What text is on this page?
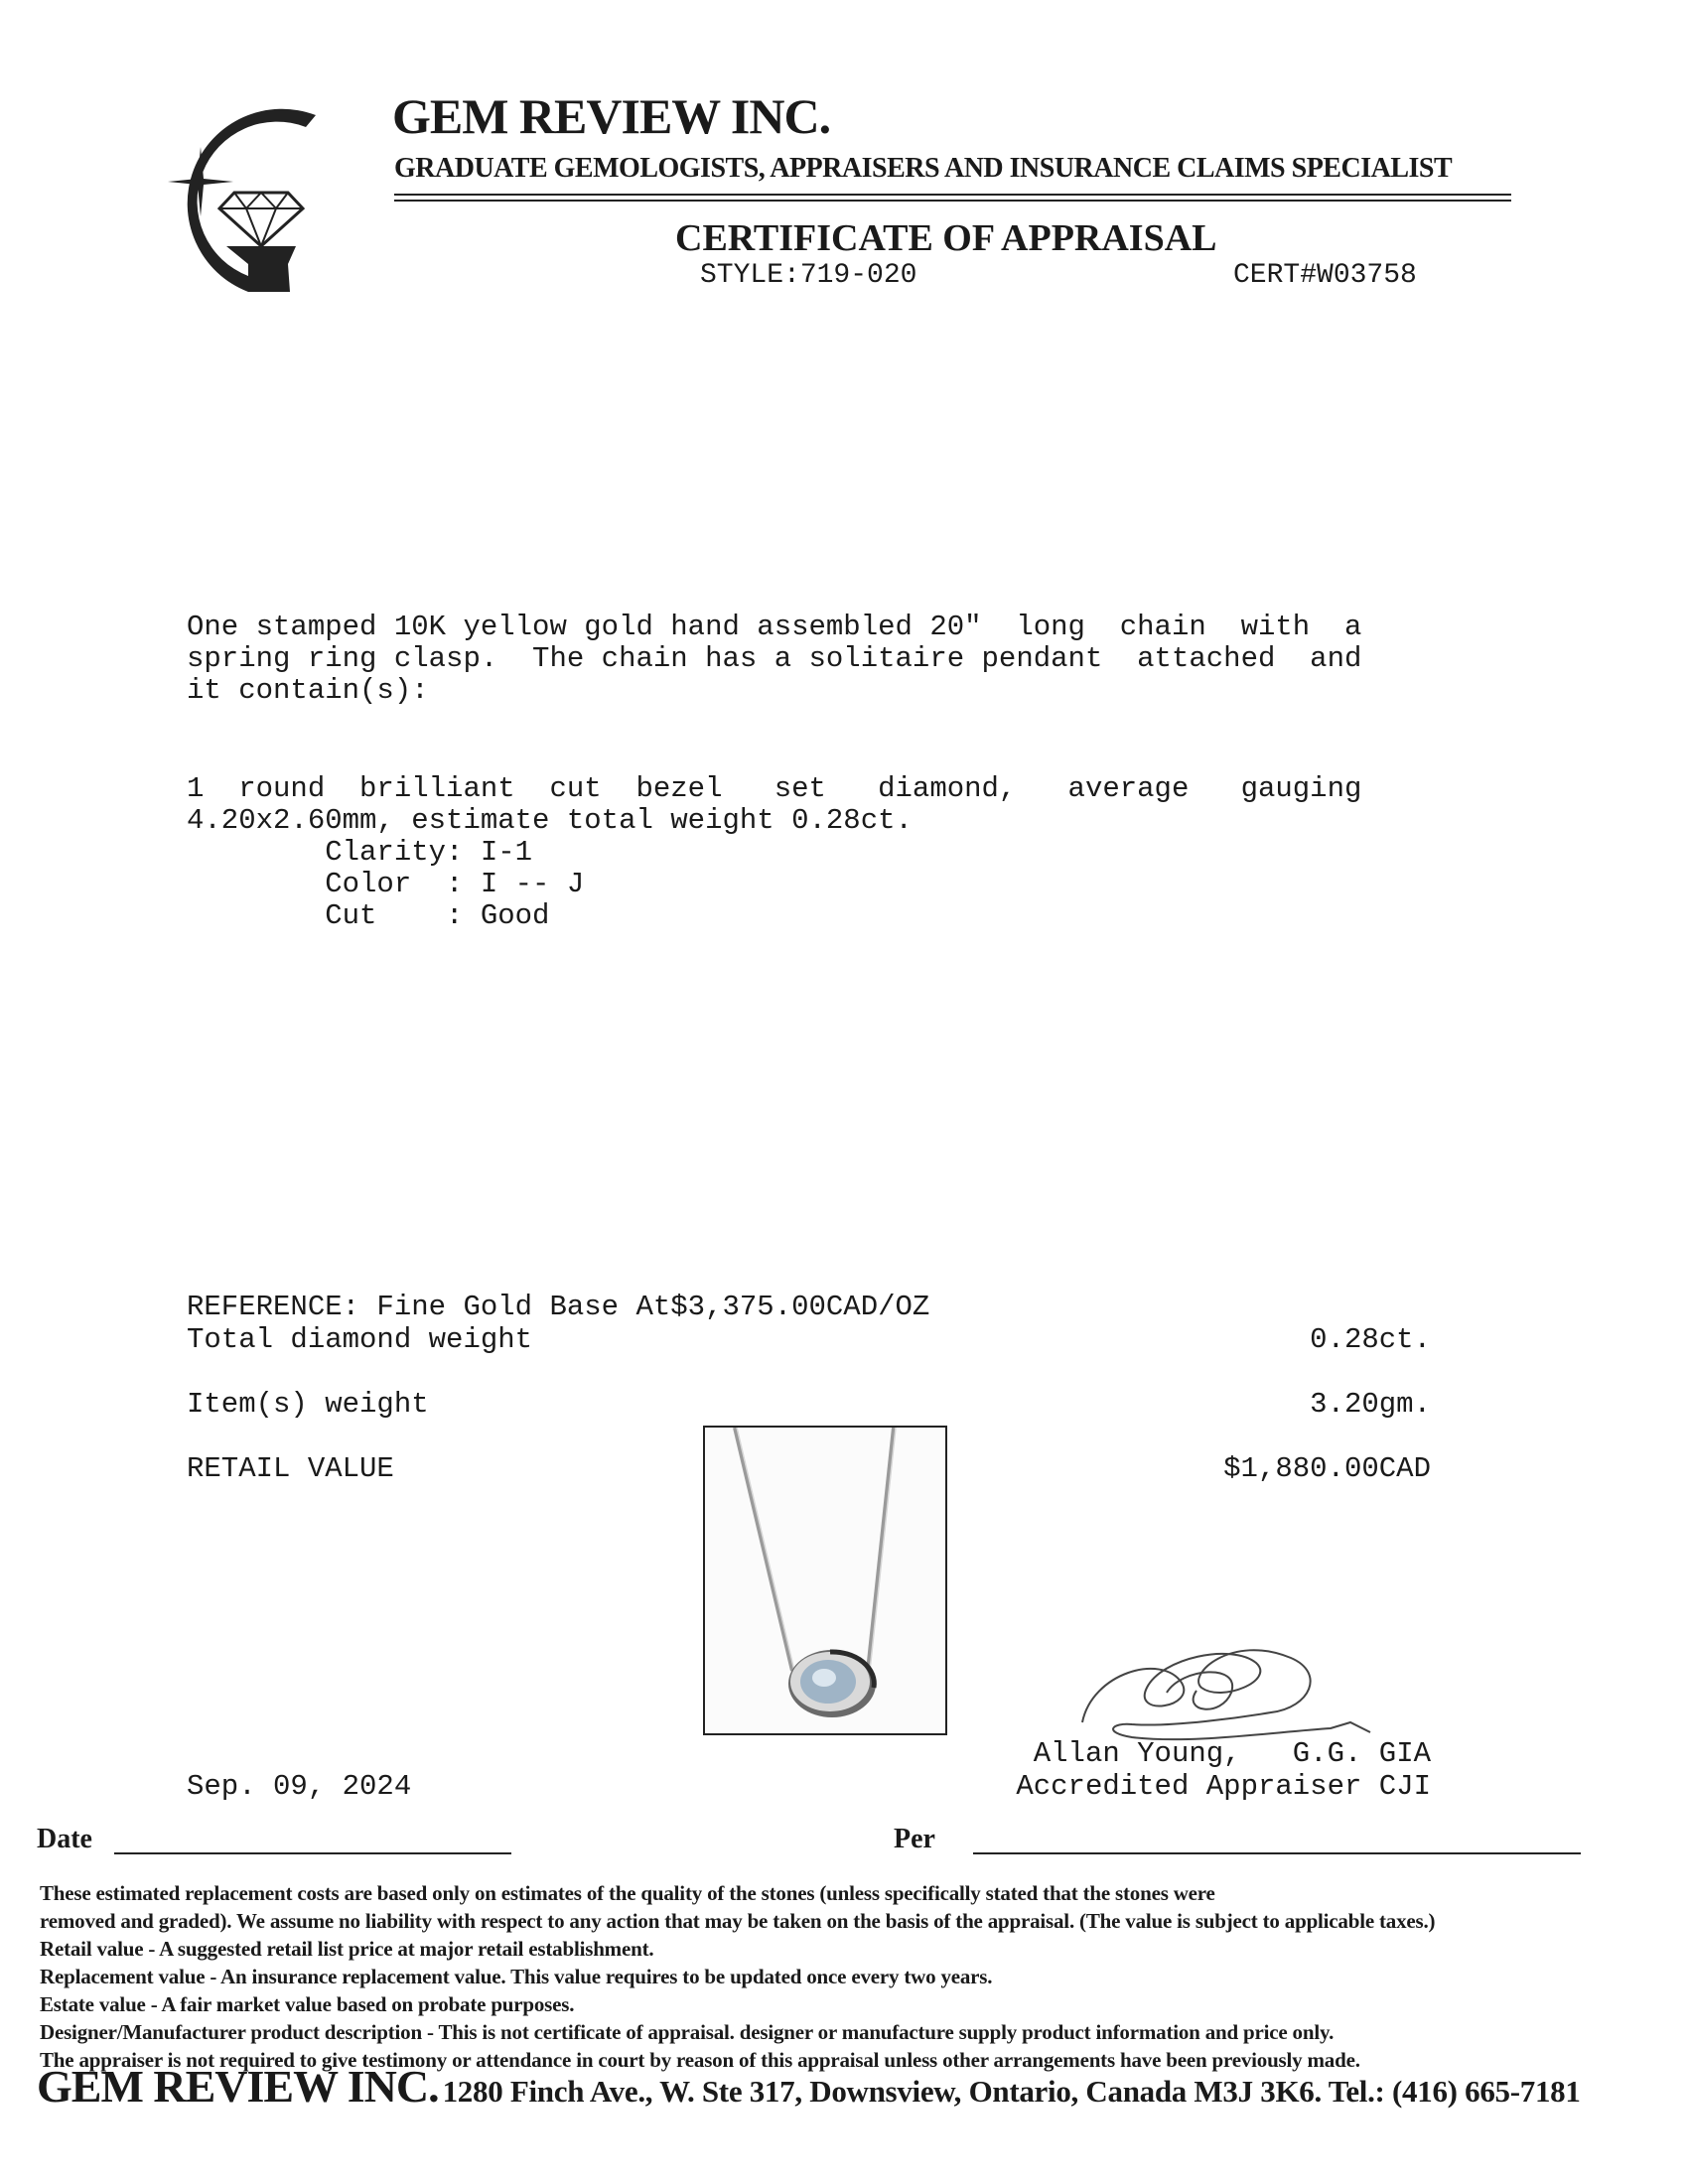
GEM REVIEW INC.
GRADUATE GEMOLOGISTS, APPRAISERS AND INSURANCE CLAIMS SPECIALIST
CERTIFICATE OF APPRAISAL
STYLE:719-020	CERT#W03758
One stamped 10K yellow gold hand assembled 20"  long  chain  with  a
spring ring clasp.  The chain has a solitaire pendant  attached  and
it contain(s):
1  round  brilliant  cut  bezel   set   diamond,   average   gauging
4.20x2.60mm, estimate total weight 0.28ct.
Clarity: I-1
Color  : I -- J
Cut    : Good
REFERENCE: Fine Gold Base At$3,375.00CAD/OZ
Total diamond weight	0.28ct.
Item(s) weight	3.20gm.
RETAIL VALUE	$1,880.00CAD
Allan Young,   G.G. GIA
Accredited Appraiser CJI
Sep. 09, 2024
Date	Per
These estimated replacement costs are based only on estimates of the quality of the stones (unless specifically stated that the stones were
removed and graded). We assume no liability with respect to any action that may be taken on the basis of the appraisal. (The value is subject to applicable taxes.)
Retail value - A suggested retail list price at major retail establishment.
Replacement value - An insurance replacement value. This value requires to be updated once every two years.
Estate value - A fair market value based on probate purposes.
Designer/Manufacturer product description - This is not certificate of appraisal. designer or manufacture supply product information and price only.
The appraiser is not required to give testimony or attendance in court by reason of this appraisal unless other arrangements have been previously made.
GEM REVIEW INC. 1280 Finch Ave., W. Ste 317, Downsview, Ontario, Canada M3J 3K6. Tel.: (416) 665-7181
